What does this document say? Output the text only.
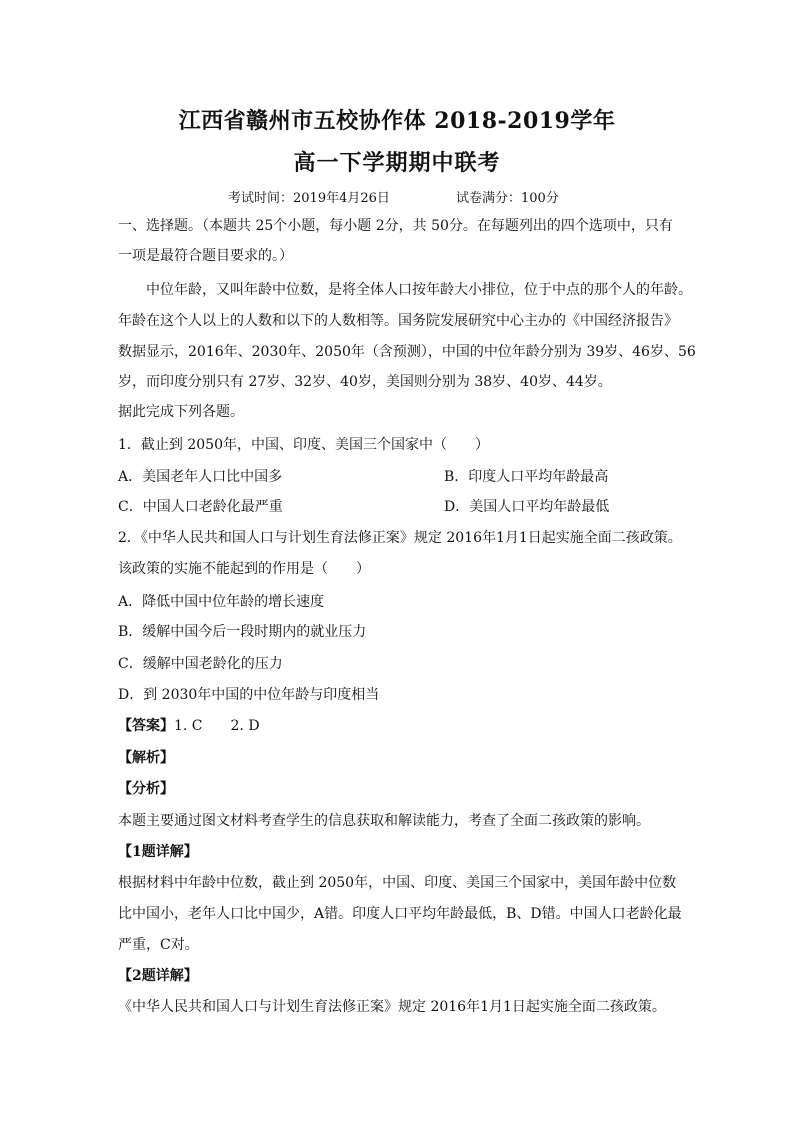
江西省赣州市五校协作体 2018-2019学年
高一下学期期中联考
考试时间：2019年4月26日	试卷满分：100分
一、选择题。（本题共 25个小题，每小题 2分，共 50分。在每题列出的四个选项中，只有
一项是最符合题目要求的。）
中位年龄，又叫年龄中位数，是将全体人口按年龄大小排位，位于中点的那个人的年龄。
年龄在这个人以上的人数和以下的人数相等。国务院发展研究中心主办的《中国经济报告》
数据显示，2016年、2030年、2050年（含预测），中国的中位年龄分别为 39岁、46岁、56
岁，而印度分别只有 27岁、32岁、40岁，美国则分别为 38岁、40岁、44岁。
据此完成下列各题。
1．截止到 2050年，中国、印度、美国三个国家中（　　）
A．美国老年人口比中国多	B．印度人口平均年龄最高
C．中国人口老龄化最严重	D．美国人口平均年龄最低
2．《中华人民共和国人口与计划生育法修正案》规定 2016年1月1日起实施全面二孩政策。
该政策的实施不能起到的作用是（　　）
A．降低中国中位年龄的增长速度
B．缓解中国今后一段时期内的就业压力
C．缓解中国老龄化的压力
D．到 2030年中国的中位年龄与印度相当
【答案】1. C　　2. D
【解析】
【分析】
本题主要通过图文材料考查学生的信息获取和解读能力，考查了全面二孩政策的影响。
【1题详解】
根据材料中年龄中位数，截止到 2050年，中国、印度、美国三个国家中，美国年龄中位数
比中国小，老年人口比中国少，A错。印度人口平均年龄最低，B、D错。中国人口老龄化最
严重，C对。
【2题详解】
《中华人民共和国人口与计划生育法修正案》规定 2016年1月1日起实施全面二孩政策。
